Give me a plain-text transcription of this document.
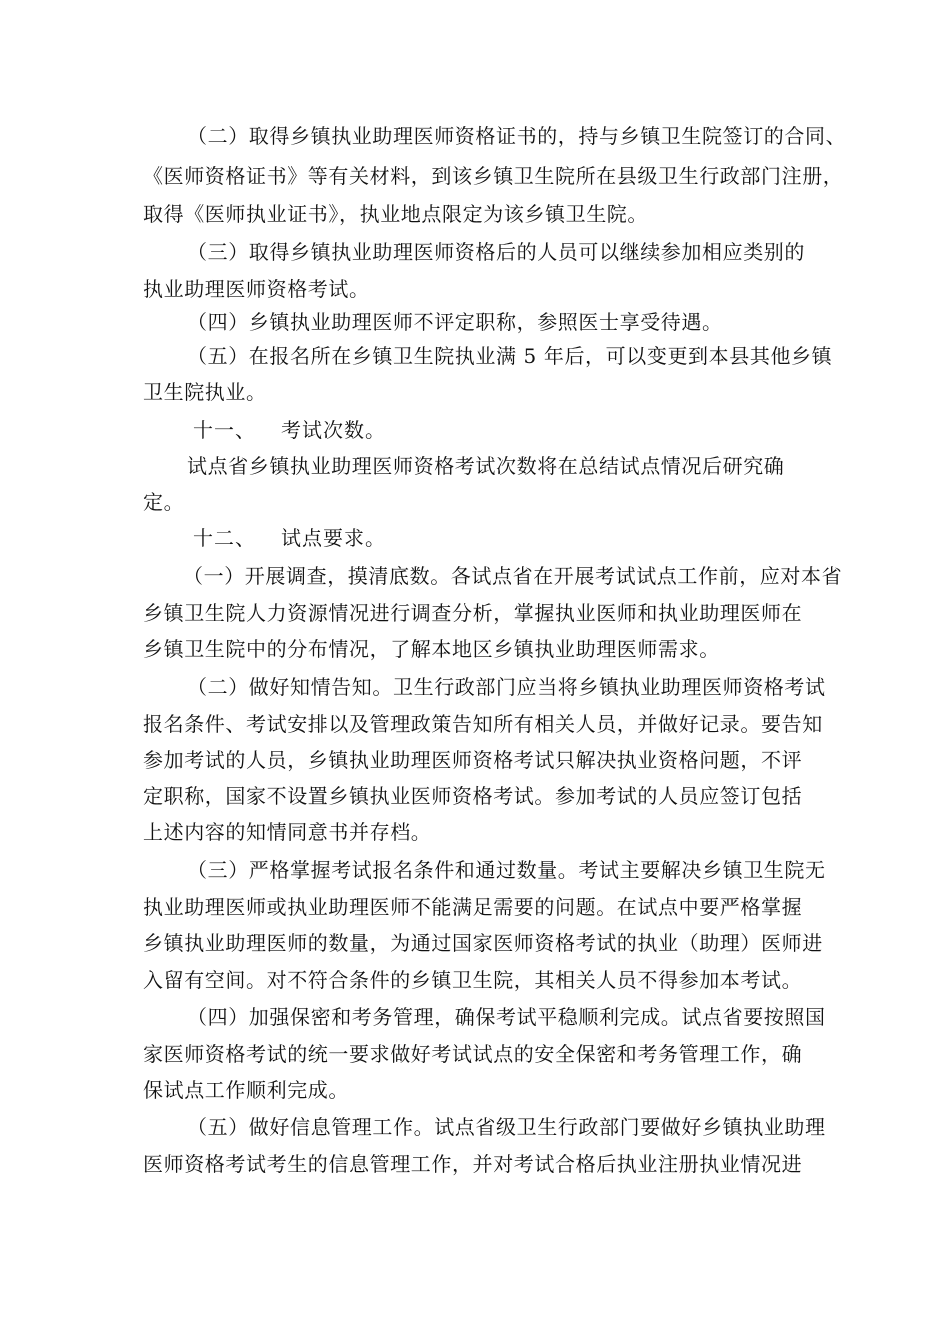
（二）取得乡镇执业助理医师资格证书的，持与乡镇卫生院签订的合同、
《医师资格证书》等有关材料，到该乡镇卫生院所在县级卫生行政部门注册，
取得《医师执业证书》，执业地点限定为该乡镇卫生院。
（三）取得乡镇执业助理医师资格后的人员可以继续参加相应类别的
执业助理医师资格考试。
（四）乡镇执业助理医师不评定职称，参照医士享受待遇。
（五）在报名所在乡镇卫生院执业满 5 年后，可以变更到本县其他乡镇
卫生院执业。
十一、 考试次数。
试点省乡镇执业助理医师资格考试次数将在总结试点情况后研究确
定。
十二、 试点要求。
（一）开展调查，摸清底数。各试点省在开展考试试点工作前，应对本省
乡镇卫生院人力资源情况进行调查分析，掌握执业医师和执业助理医师在
乡镇卫生院中的分布情况，了解本地区乡镇执业助理医师需求。
（二）做好知情告知。卫生行政部门应当将乡镇执业助理医师资格考试
报名条件、考试安排以及管理政策告知所有相关人员，并做好记录。要告知
参加考试的人员，乡镇执业助理医师资格考试只解决执业资格问题，不评
定职称，国家不设置乡镇执业医师资格考试。参加考试的人员应签订包括
上述内容的知情同意书并存档。
（三）严格掌握考试报名条件和通过数量。考试主要解决乡镇卫生院无
执业助理医师或执业助理医师不能满足需要的问题。在试点中要严格掌握
乡镇执业助理医师的数量，为通过国家医师资格考试的执业（助理）医师进
入留有空间。对不符合条件的乡镇卫生院，其相关人员不得参加本考试。
（四）加强保密和考务管理，确保考试平稳顺利完成。试点省要按照国
家医师资格考试的统一要求做好考试试点的安全保密和考务管理工作，确
保试点工作顺利完成。
（五）做好信息管理工作。试点省级卫生行政部门要做好乡镇执业助理
医师资格考试考生的信息管理工作，并对考试合格后执业注册执业情况进
